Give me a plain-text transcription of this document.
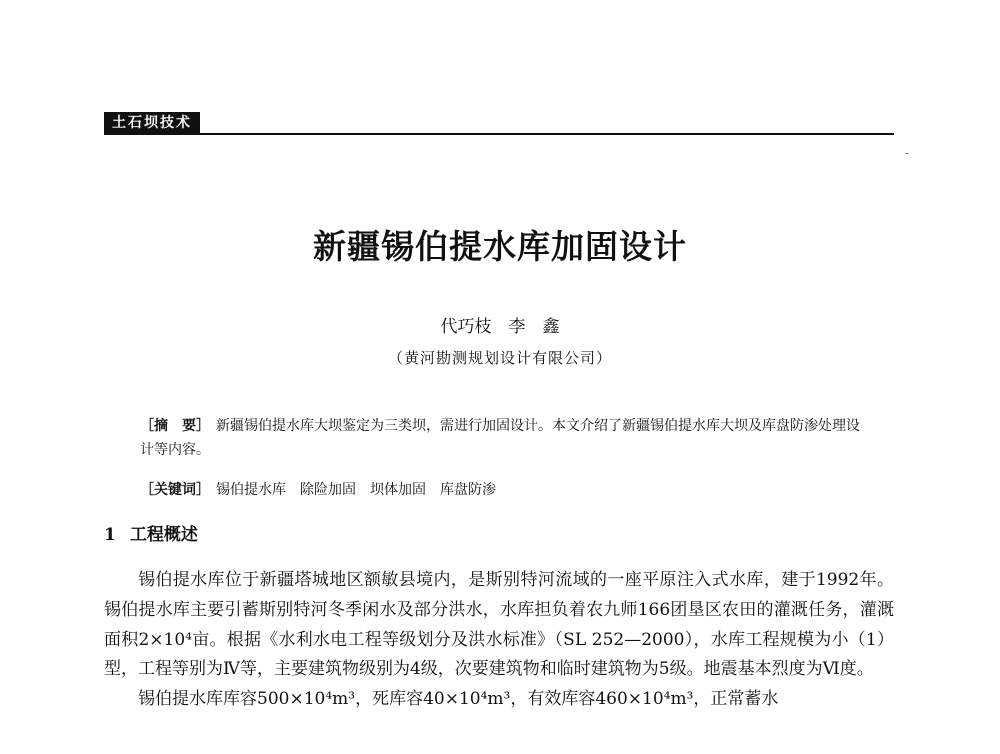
土石坝技术
新疆锡伯提水库加固设计
代巧枝　李　鑫
（黄河勘测规划设计有限公司）
［摘　要］ 新疆锡伯提水库大坝鉴定为三类坝，需进行加固设计。本文介绍了新疆锡伯提水库大坝及库盘防渗处理设计等内容。
［关键词］ 锡伯提水库　除险加固　坝体加固　库盘防渗
1 工程概述

锡伯提水库位于新疆塔城地区额敏县境内，是斯别特河流域的一座平原注入式水库，建于1992年。锡伯提水库主要引蓄斯别特河冬季闲水及部分洪水，水库担负着农九师166团垦区农田的灌溉任务，灌溉面积2×10⁴亩。根据《水利水电工程等级划分及洪水标准》（SL 252—2000），水库工程规模为小（1）型，工程等别为Ⅳ等，主要建筑物级别为4级，次要建筑物和临时建筑物为5级。地震基本烈度为Ⅵ度。

锡伯提水库库容500×10⁴m³，死库容40×10⁴m³，有效库容460×10⁴m³，正常蓄水
